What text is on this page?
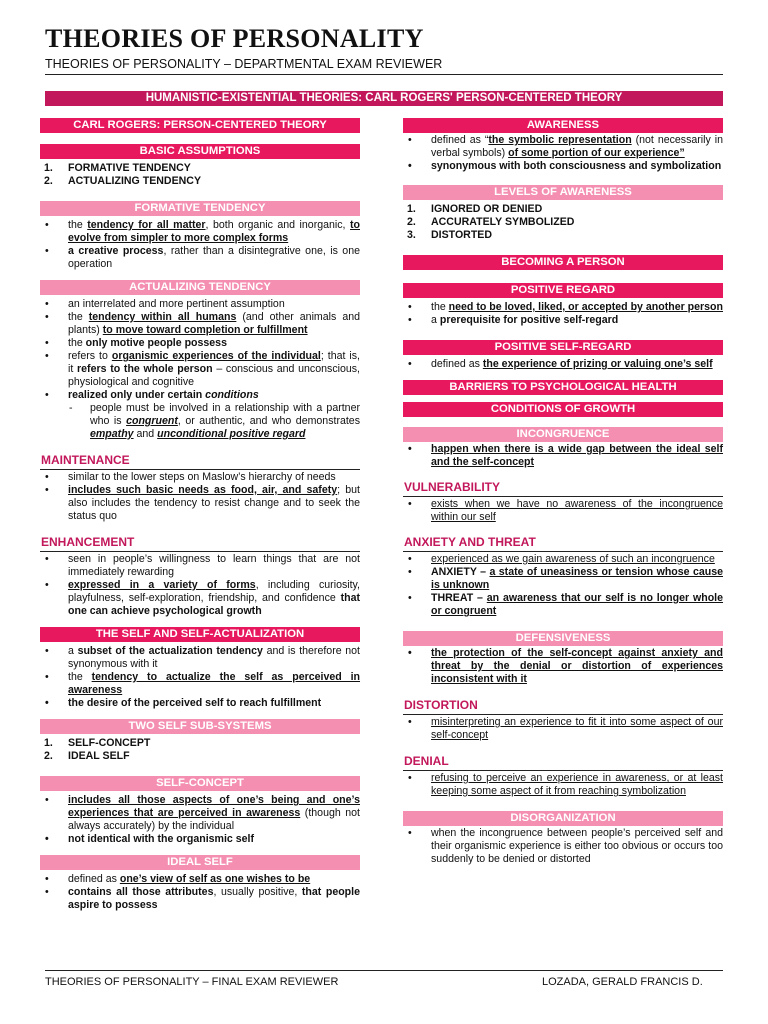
THEORIES OF PERSONALITY
THEORIES OF PERSONALITY – DEPARTMENTAL EXAM REVIEWER
HUMANISTIC-EXISTENTIAL THEORIES: CARL ROGERS' PERSON-CENTERED THEORY
CARL ROGERS: PERSON-CENTERED THEORY
BASIC ASSUMPTIONS
1. FORMATIVE TENDENCY
2. ACTUALIZING TENDENCY
FORMATIVE TENDENCY
• the tendency for all matter, both organic and inorganic, to evolve from simpler to more complex forms
• a creative process, rather than a disintegrative one, is one operation
ACTUALIZING TENDENCY
• an interrelated and more pertinent assumption
• the tendency within all humans (and other animals and plants) to move toward completion or fulfillment
• the only motive people possess
• refers to organismic experiences of the individual; that is, it refers to the whole person – conscious and unconscious, physiological and cognitive
• realized only under certain conditions
- people must be involved in a relationship with a partner who is congruent, or authentic, and who demonstrates empathy and unconditional positive regard
MAINTENANCE
• similar to the lower steps on Maslow’s hierarchy of needs
• includes such basic needs as food, air, and safety; but also includes the tendency to resist change and to seek the status quo
ENHANCEMENT
• seen in people’s willingness to learn things that are not immediately rewarding
• expressed in a variety of forms, including curiosity, playfulness, self-exploration, friendship, and confidence that one can achieve psychological growth
THE SELF AND SELF-ACTUALIZATION
• a subset of the actualization tendency and is therefore not synonymous with it
• the tendency to actualize the self as perceived in awareness
• the desire of the perceived self to reach fulfillment
TWO SELF SUB-SYSTEMS
1. SELF-CONCEPT
2. IDEAL SELF
SELF-CONCEPT
• includes all those aspects of one’s being and one’s experiences that are perceived in awareness (though not always accurately) by the individual
• not identical with the organismic self
IDEAL SELF
• defined as one’s view of self as one wishes to be
• contains all those attributes, usually positive, that people aspire to possess
AWARENESS
• defined as “the symbolic representation (not necessarily in verbal symbols) of some portion of our experience”
• synonymous with both consciousness and symbolization
LEVELS OF AWARENESS
1. IGNORED OR DENIED
2. ACCURATELY SYMBOLIZED
3. DISTORTED
BECOMING A PERSON
POSITIVE REGARD
• the need to be loved, liked, or accepted by another person
• a prerequisite for positive self-regard
POSITIVE SELF-REGARD
• defined as the experience of prizing or valuing one’s self
BARRIERS TO PSYCHOLOGICAL HEALTH
CONDITIONS OF GROWTH
INCONGRUENCE
• happen when there is a wide gap between the ideal self and the self-concept
VULNERABILITY
• exists when we have no awareness of the incongruence within our self
ANXIETY AND THREAT
• experienced as we gain awareness of such an incongruence
• ANXIETY – a state of uneasiness or tension whose cause is unknown
• THREAT – an awareness that our self is no longer whole or congruent
DEFENSIVENESS
• the protection of the self-concept against anxiety and threat by the denial or distortion of experiences inconsistent with it
DISTORTION
• misinterpreting an experience to fit it into some aspect of our self-concept
DENIAL
• refusing to perceive an experience in awareness, or at least keeping some aspect of it from reaching symbolization
DISORGANIZATION
• when the incongruence between people’s perceived self and their organismic experience is either too obvious or occurs too suddenly to be denied or distorted
THEORIES OF PERSONALITY – FINAL EXAM REVIEWER	LOZADA, GERALD FRANCIS D.
